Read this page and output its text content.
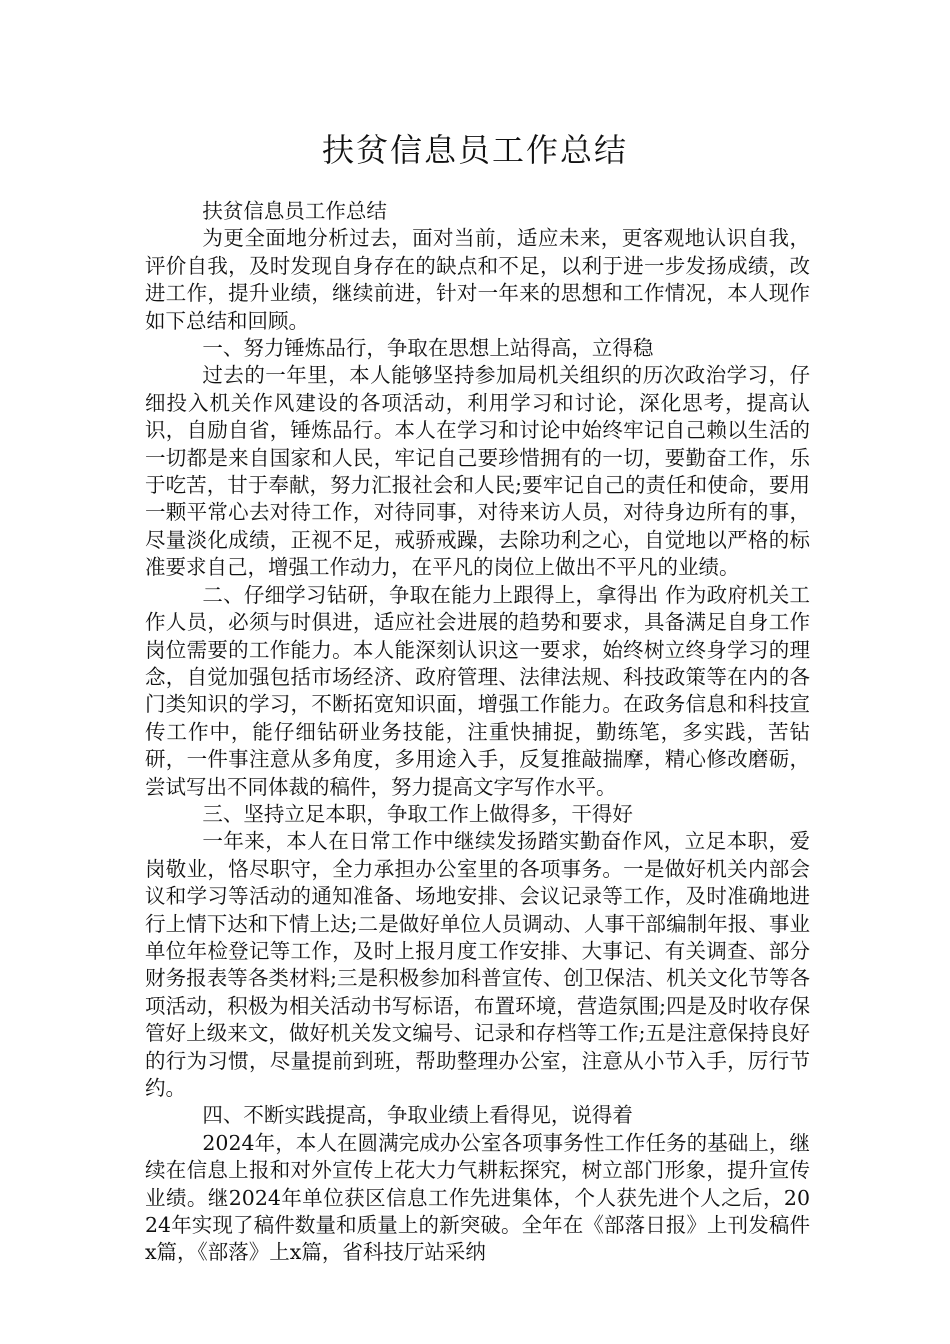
扶贫信息员工作总结

扶贫信息员工作总结

为更全面地分析过去，面对当前，适应未来，更客观地认识自我，评价自我，及时发现自身存在的缺点和不足，以利于进一步发扬成绩，改进工作，提升业绩，继续前进，针对一年来的思想和工作情况，本人现作如下总结和回顾。

一、努力锤炼品行，争取在思想上站得高，立得稳

过去的一年里，本人能够坚持参加局机关组织的历次政治学习，仔细投入机关作风建设的各项活动，利用学习和讨论，深化思考，提高认识，自励自省，锤炼品行。本人在学习和讨论中始终牢记自己赖以生活的一切都是来自国家和人民，牢记自己要珍惜拥有的一切，要勤奋工作，乐于吃苦，甘于奉献，努力汇报社会和人民;要牢记自己的责任和使命，要用一颗平常心去对待工作，对待同事，对待来访人员，对待身边所有的事，尽量淡化成绩，正视不足，戒骄戒躁，去除功利之心，自觉地以严格的标准要求自己，增强工作动力，在平凡的岗位上做出不平凡的业绩。

二、仔细学习钻研，争取在能力上跟得上，拿得出 作为政府机关工作人员，必须与时俱进，适应社会进展的趋势和要求，具备满足自身工作岗位需要的工作能力。本人能深刻认识这一要求，始终树立终身学习的理念，自觉加强包括市场经济、政府管理、法律法规、科技政策等在内的各门类知识的学习，不断拓宽知识面，增强工作能力。在政务信息和科技宣传工作中，能仔细钻研业务技能，注重快捕捉，勤练笔，多实践，苦钻研，一件事注意从多角度，多用途入手，反复推敲揣摩，精心修改磨砺，尝试写出不同体裁的稿件，努力提高文字写作水平。

三、坚持立足本职，争取工作上做得多，干得好

一年来，本人在日常工作中继续发扬踏实勤奋作风，立足本职，爱岗敬业，恪尽职守，全力承担办公室里的各项事务。一是做好机关内部会议和学习等活动的通知准备、场地安排、会议记录等工作，及时准确地进行上情下达和下情上达;二是做好单位人员调动、人事干部编制年报、事业单位年检登记等工作，及时上报月度工作安排、大事记、有关调查、部分财务报表等各类材料;三是积极参加科普宣传、创卫保洁、机关文化节等各项活动，积极为相关活动书写标语，布置环境，营造氛围;四是及时收存保管好上级来文，做好机关发文编号、记录和存档等工作;五是注意保持良好的行为习惯，尽量提前到班，帮助整理办公室，注意从小节入手，厉行节约。

四、不断实践提高，争取业绩上看得见，说得着

2024年，本人在圆满完成办公室各项事务性工作任务的基础上，继续在信息上报和对外宣传上花大力气耕耘探究，树立部门形象，提升宣传业绩。继2024年单位获区信息工作先进集体，个人获先进个人之后，2024年实现了稿件数量和质量上的新突破。全年在《部落日报》上刊发稿件x篇，《部落》上x篇，省科技厅站采纳
